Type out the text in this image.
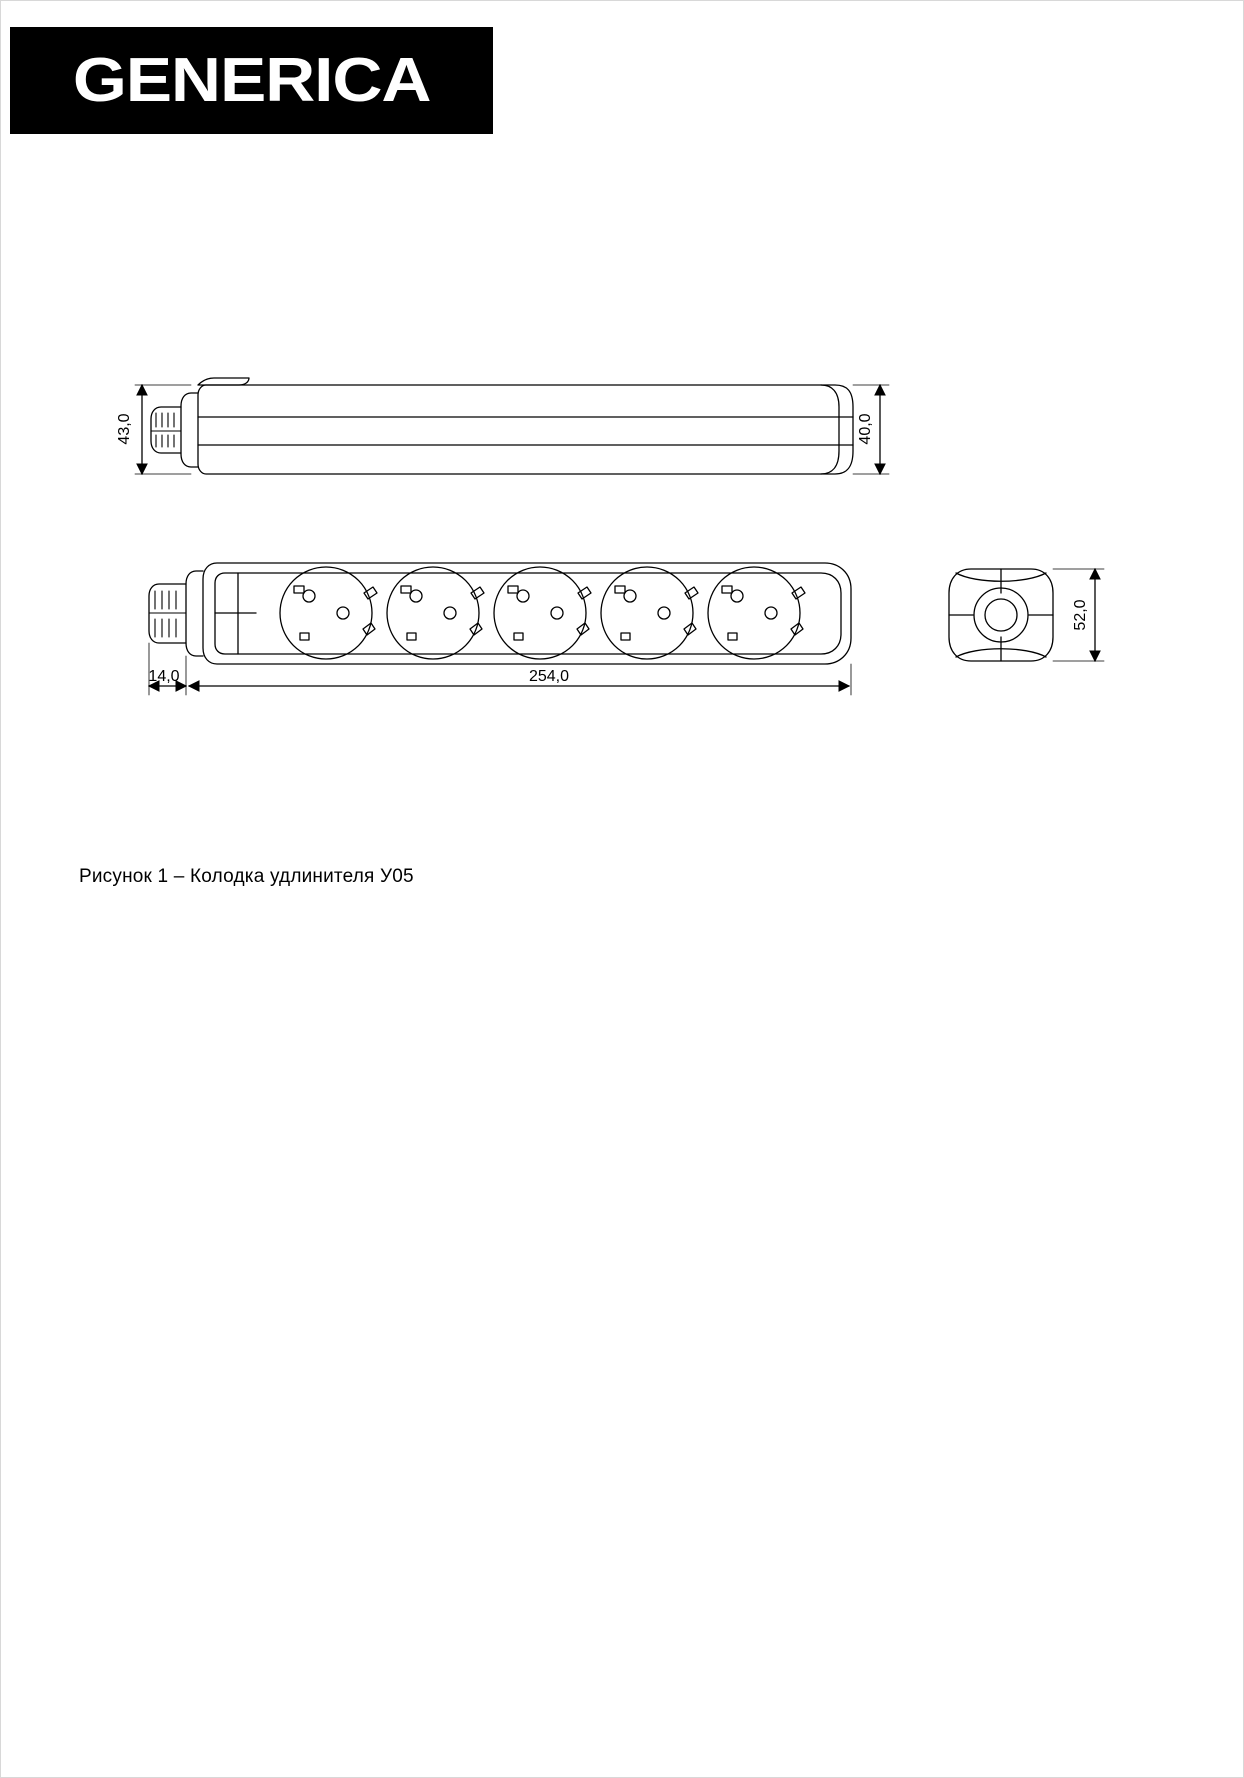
GENERICA
43,0	40,0
14,0	254,0
52,0
Рисунок 1 – Колодка удлинителя У05
